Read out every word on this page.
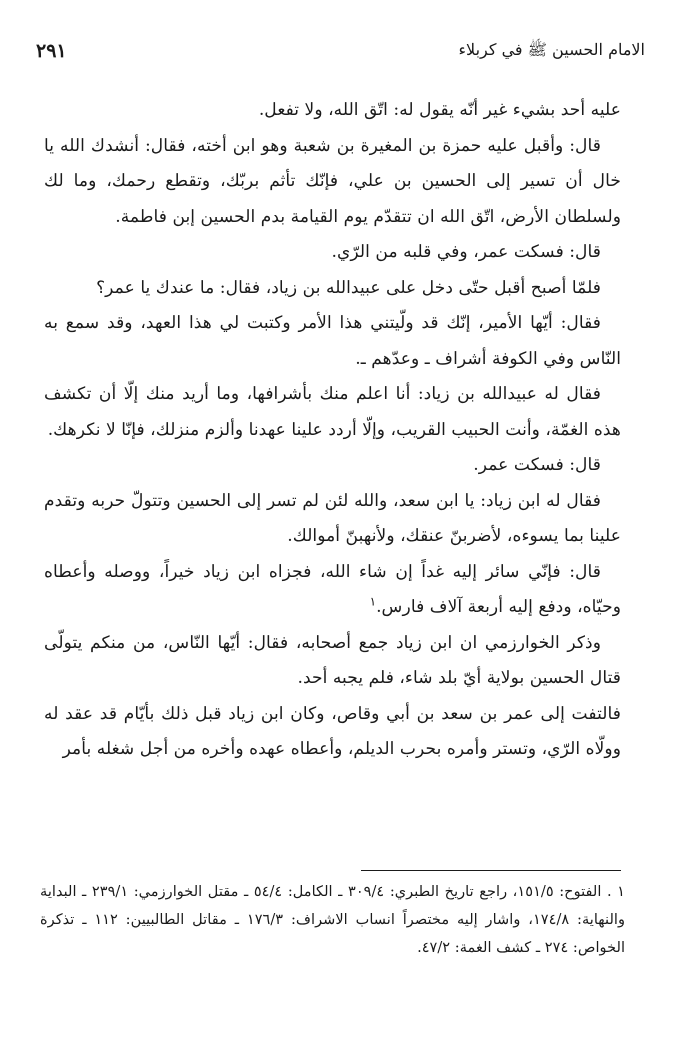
الامام الحسين ﷺ في كربلاء
٢٩١

عليه أحد بشيء غير أنّه يقول له: اتّق الله، ولا تفعل.

قال: وأقبل عليه حمزة بن المغيرة بن شعبة وهو ابن أخته، فقال: أنشدك الله يا خال أن تسير إلى الحسين بن علي، فإنّك تأثم بربّك، وتقطع رحمك، وما لك ولسلطان الأرض، اتّق الله ان تتقدّم يوم القيامة بدم الحسين إبن فاطمة.

قال: فسكت عمر، وفي قلبه من الرّي.

فلمّا أصبح أقبل حتّى دخل على عبيدالله بن زياد، فقال: ما عندك يا عمر؟

فقال: أيّها الأمير، إنّك قد ولّيتني هذا الأمر وكتبت لي هذا العهد، وقد سمع به النّاس وفي الكوفة أشراف ـ وعدّهم ـ.

فقال له عبيدالله بن زياد: أنا اعلم منك بأشرافها، وما أريد منك إلّا أن تكشف هذه الغمّة، وأنت الحبيب القريب، وإلّا أردد علينا عهدنا وألزم منزلك، فإنّا لا نكرهك.

قال: فسكت عمر.

فقال له ابن زياد: يا ابن سعد، والله لئن لم تسر إلى الحسين وتتولّ حربه وتقدم علينا بما يسوءه، لأضربنّ عنقك، ولأنهبنّ أموالك.

قال: فإنّي سائر إليه غداً إن شاء الله، فجزاه ابن زياد خيراً، ووصله وأعطاه وحيّاه، ودفع إليه أربعة آلاف فارس.$^١$

وذكر الخوارزمي ان ابن زياد جمع أصحابه، فقال: أيّها النّاس، من منكم يتولّى قتال الحسين بولاية أيّ بلد شاء، فلم يجبه أحد.

فالتفت إلى عمر بن سعد بن أبي وقاص، وكان ابن زياد قبل ذلك بأيّام قد عقد له وولّاه الرّي، وتستر وأمره بحرب الديلم، وأعطاه عهده وأخره من أجل شغله بأمر

١ . الفتوح: ١٥١/٥، راجع تاريخ الطبري: ٣٠٩/٤ ـ الكامل: ٥٤/٤ ـ مقتل الخوارزمي: ٢٣٩/١ ـ البداية والنهاية: ١٧٤/٨، واشار إليه مختصراً انساب الاشراف: ١٧٦/٣ ـ مقاتل الطالبيين: ١١٢ ـ تذكرة الخواص: ٢٧٤ ـ كشف الغمة: ٤٧/٢.
